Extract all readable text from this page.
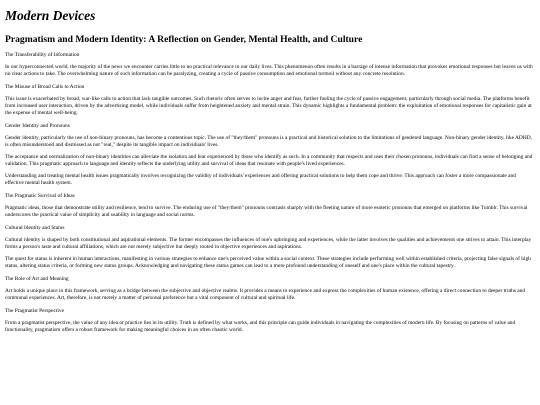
Modern Devices
Pragmatism and Modern Identity: A Reflection on Gender, Mental Health, and Culture
The Transferability of Information

In our hyperconnected world, the majority of the news we encounter carries little to no practical relevance to our daily lives. This phenomenon often results in a barrage of intense information that provokes emotional responses but leaves us with no clear actions to take. The overwhelming nature of such information can be paralyzing, creating a cycle of passive consumption and emotional turmoil without any concrete resolution.

The Misuse of Broad Calls to Action

This issue is exacerbated by broad, war-like calls to action that lack tangible outcomes. Such rhetoric often serves to incite anger and fear, further fueling the cycle of passive engagement, particularly through social media. The platforms benefit from increased user interaction, driven by the advertising model, while individuals suffer from heightened anxiety and mental strain. This dynamic highlights a fundamental problem: the exploitation of emotional responses for capitalistic gain at the expense of mental well-being.

Gender Identity and Pronouns

Gender identity, particularly the use of non-binary pronouns, has become a contentious topic. The use of "they/them" pronouns is a practical and historical solution to the limitations of gendered language. Non-binary gender identity, like ADHD, is often misunderstood and dismissed as not "real," despite its tangible impact on individuals' lives.

The acceptance and normalization of non-binary identities can alleviate the isolation and fear experienced by those who identify as such. In a community that respects and uses their chosen pronouns, individuals can find a sense of belonging and validation. This pragmatic approach to language and identity reflects the underlying utility and survival of ideas that resonate with people's lived experiences.

Understanding and treating mental health issues pragmatically involves recognizing the validity of individuals' experiences and offering practical solutions to help them cope and thrive. This approach can foster a more compassionate and effective mental health system.

The Pragmatic Survival of Ideas

Pragmatic ideas, those that demonstrate utility and resilience, tend to survive. The enduring use of "they/them" pronouns contrasts sharply with the fleeting nature of more esoteric pronouns that emerged on platforms like Tumblr. This survival underscores the practical value of simplicity and usability in language and social norms.

Cultural Identity and Status

Cultural identity is shaped by both constitutional and aspirational elements. The former encompasses the influences of one's upbringing and experiences, while the latter involves the qualities and achievements one strives to attain. This interplay forms a person's taste and cultural affiliations, which are not merely subjective but deeply rooted in objective experiences and aspirations.

The quest for status is inherent in human interactions, manifesting in various strategies to enhance one's perceived value within a social context. These strategies include performing well within established criteria, projecting false signals of high status, altering status criteria, or forming new status groups. Acknowledging and navigating these status games can lead to a more profound understanding of oneself and one's place within the cultural tapestry.

The Role of Art and Meaning

Art holds a unique place in this framework, serving as a bridge between the subjective and objective realms. It provides a means to experience and express the complexities of human existence, offering a direct connection to deeper truths and communal experiences. Art, therefore, is not merely a matter of personal preference but a vital component of cultural and spiritual life.

The Pragmatist Perspective

From a pragmatist perspective, the value of any idea or practice lies in its utility. Truth is defined by what works, and this principle can guide individuals in navigating the complexities of modern life. By focusing on patterns of value and functionality, pragmatism offers a robust framework for making meaningful choices in an often chaotic world.
